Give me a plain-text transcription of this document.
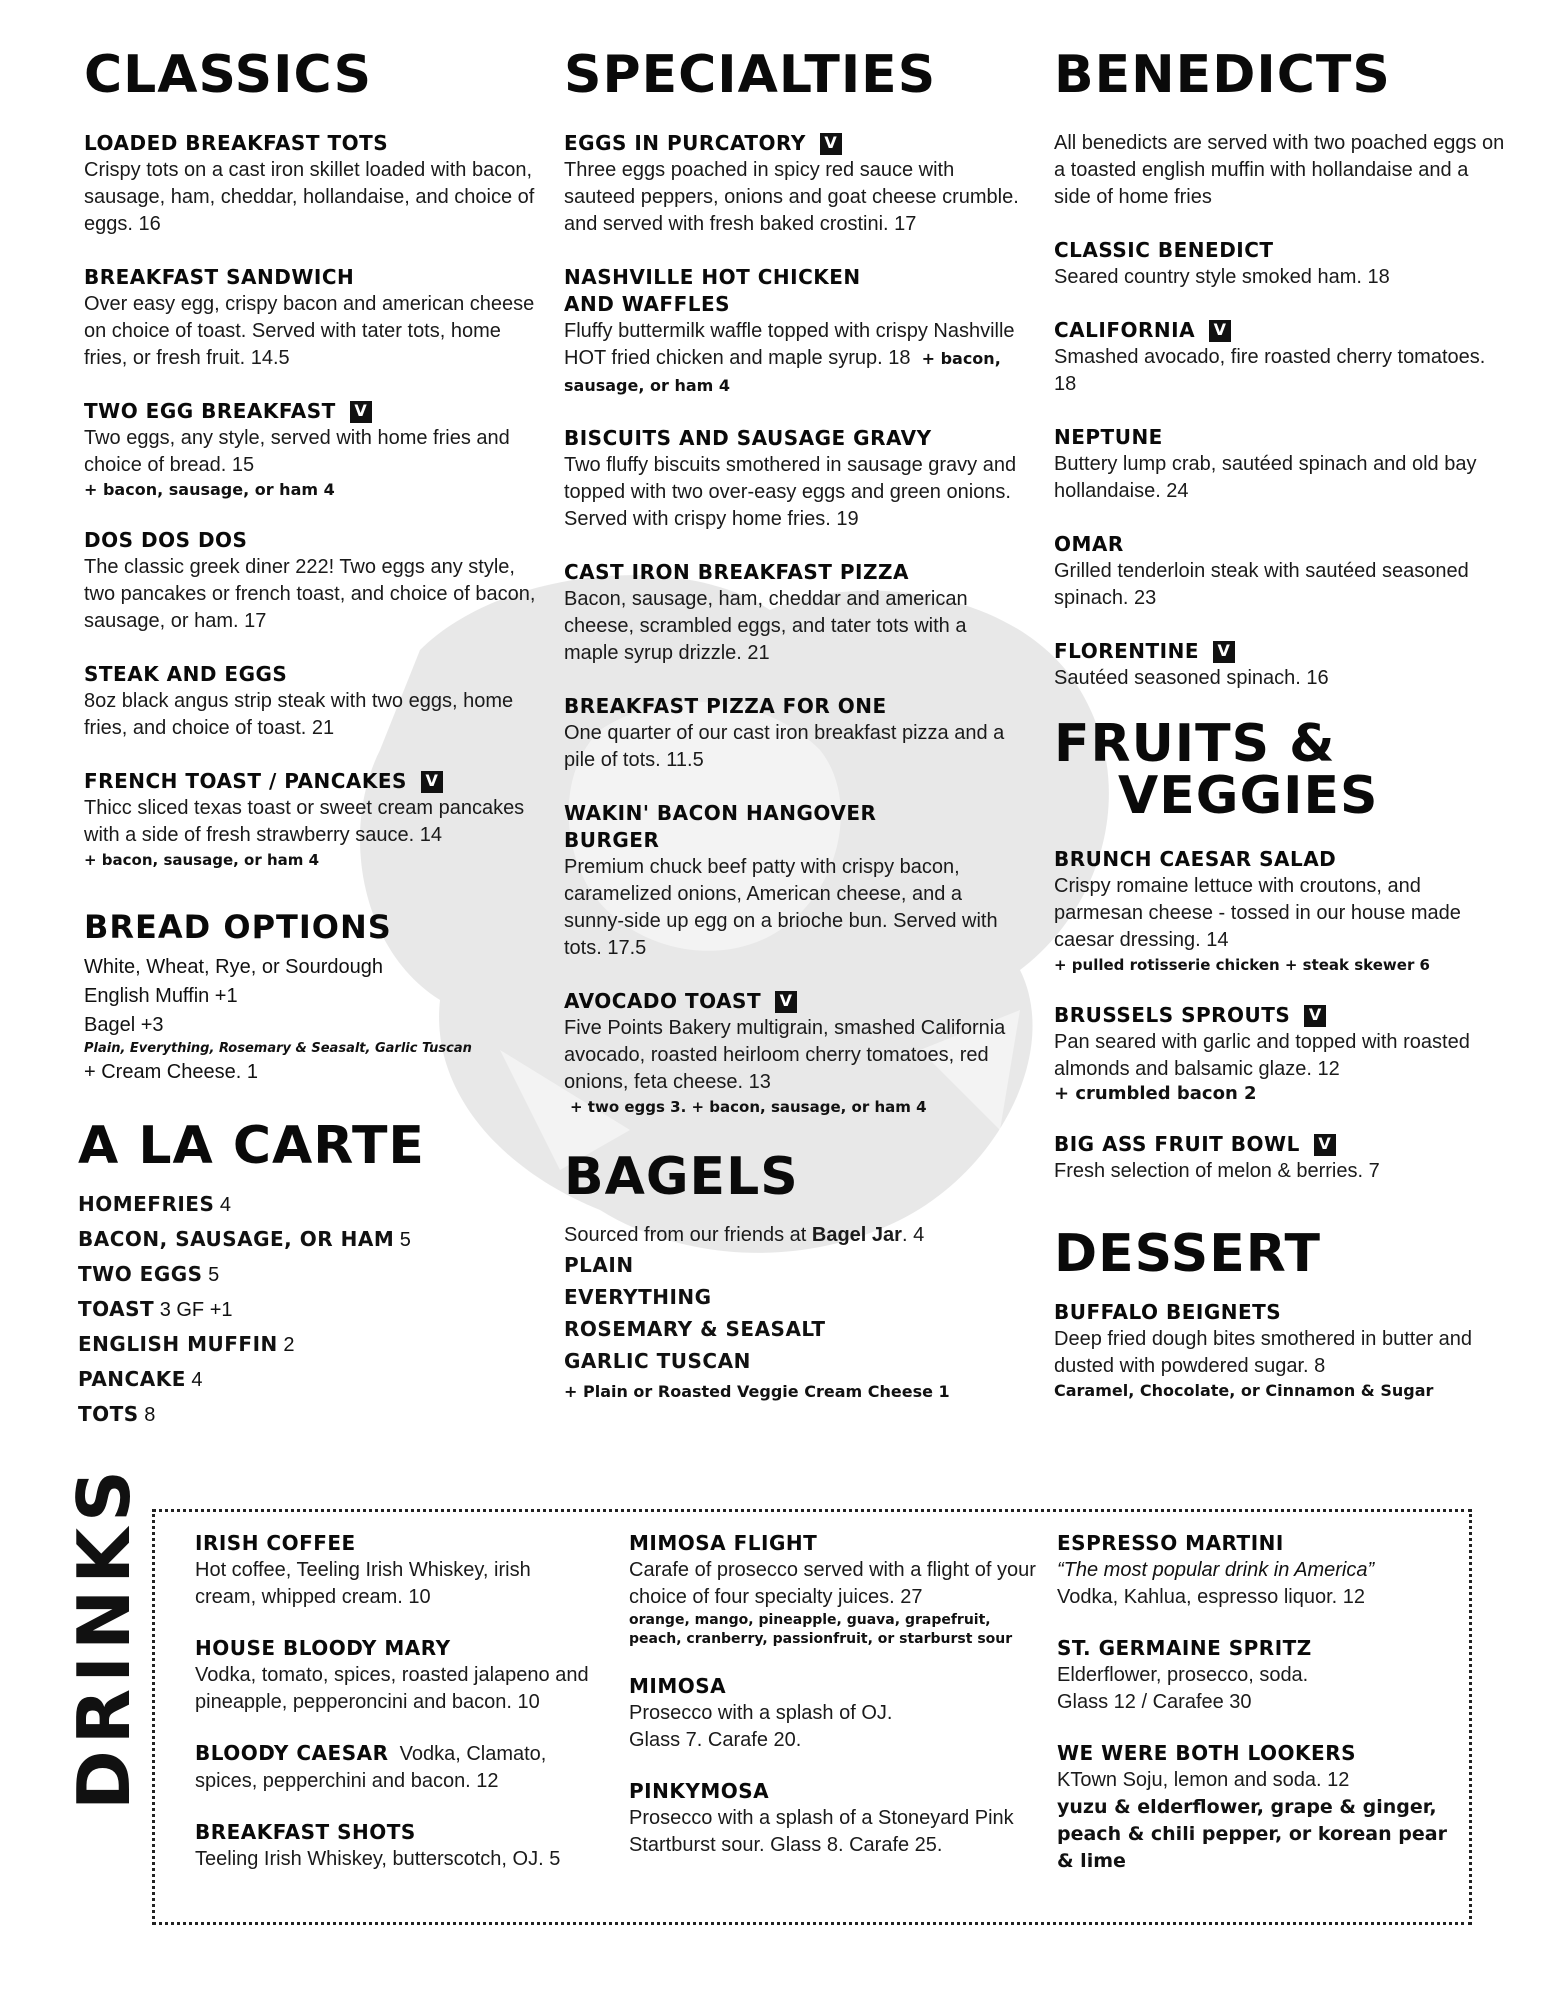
CLASSICS
LOADED BREAKFAST TOTS
Crispy tots on a cast iron skillet loaded with bacon, sausage, ham, cheddar, hollandaise, and choice of eggs. 16
BREAKFAST SANDWICH
Over easy egg, crispy bacon and american cheese on choice of toast. Served with tater tots, home fries, or fresh fruit. 14.5
TWO EGG BREAKFAST V
Two eggs, any style, served with home fries and choice of bread. 15
+ bacon, sausage, or ham 4
DOS DOS DOS
The classic greek diner 222! Two eggs any style, two pancakes or french toast, and choice of bacon, sausage, or ham. 17
STEAK AND EGGS
8oz black angus strip steak with two eggs, home fries, and choice of toast. 21
FRENCH TOAST / PANCAKES V
Thicc sliced texas toast or sweet cream pancakes with a side of fresh strawberry sauce. 14
+ bacon, sausage, or ham 4
BREAD OPTIONS
White, Wheat, Rye, or Sourdough
English Muffin +1
Bagel +3
Plain, Everything, Rosemary & Seasalt, Garlic Tuscan
+ Cream Cheese. 1
A LA CARTE
HOMEFRIES 4
BACON, SAUSAGE, OR HAM 5
TWO EGGS 5
TOAST 3 GF +1
ENGLISH MUFFIN 2
PANCAKE 4
TOTS 8
SPECIALTIES
EGGS IN PURCATORY V
Three eggs poached in spicy red sauce with sauteed peppers, onions and goat cheese crumble. and served with fresh baked crostini. 17
NASHVILLE HOT CHICKEN AND WAFFLES
Fluffy buttermilk waffle topped with crispy Nashville HOT fried chicken and maple syrup. 18 + bacon, sausage, or ham 4
BISCUITS AND SAUSAGE GRAVY
Two fluffy biscuits smothered in sausage gravy and topped with two over-easy eggs and green onions. Served with crispy home fries. 19
CAST IRON BREAKFAST PIZZA
Bacon, sausage, ham, cheddar and american cheese, scrambled eggs, and tater tots with a maple syrup drizzle. 21
BREAKFAST PIZZA FOR ONE
One quarter of our cast iron breakfast pizza and a pile of tots. 11.5
WAKIN' BACON HANGOVER BURGER
Premium chuck beef patty with crispy bacon, caramelized onions, American cheese, and a sunny-side up egg on a brioche bun. Served with tots. 17.5
AVOCADO TOAST V
Five Points Bakery multigrain, smashed California avocado, roasted heirloom cherry tomatoes, red onions, feta cheese. 13
+ two eggs 3. + bacon, sausage, or ham 4
BAGELS
Sourced from our friends at Bagel Jar. 4
PLAIN
EVERYTHING
ROSEMARY & SEASALT
GARLIC TUSCAN
+ Plain or Roasted Veggie Cream Cheese 1
BENEDICTS
All benedicts are served with two poached eggs on a toasted english muffin with hollandaise and a side of home fries
CLASSIC BENEDICT
Seared country style smoked ham. 18
CALIFORNIA V
Smashed avocado, fire roasted cherry tomatoes. 18
NEPTUNE
Buttery lump crab, sautéed spinach and old bay hollandaise. 24
OMAR
Grilled tenderloin steak with sautéed seasoned spinach. 23
FLORENTINE V
Sautéed seasoned spinach. 16
FRUITS &
VEGGIES
BRUNCH CAESAR SALAD
Crispy romaine lettuce with croutons, and parmesan cheese - tossed in our house made caesar dressing. 14
+ pulled rotisserie chicken + steak skewer 6
BRUSSELS SPROUTS V
Pan seared with garlic and topped with roasted almonds and balsamic glaze. 12
+ crumbled bacon 2
BIG ASS FRUIT BOWL V
Fresh selection of melon & berries. 7
DESSERT
BUFFALO BEIGNETS
Deep fried dough bites smothered in butter and dusted with powdered sugar. 8
Caramel, Chocolate, or Cinnamon & Sugar
DRINKS IRISH COFFEE
Hot coffee, Teeling Irish Whiskey, irish cream, whipped cream. 10
HOUSE BLOODY MARY
Vodka, tomato, spices, roasted jalapeno and pineapple, pepperoncini and bacon. 10
BLOODY CAESAR Vodka, Clamato, spices, pepperchini and bacon. 12
BREAKFAST SHOTS
Teeling Irish Whiskey, butterscotch, OJ. 5
MIMOSA FLIGHT
Carafe of prosecco served with a flight of your choice of four specialty juices. 27
orange, mango, pineapple, guava, grapefruit, peach, cranberry, passionfruit, or starburst sour
MIMOSA
Prosecco with a splash of OJ. Glass 7. Carafe 20.
PINKYMOSA
Prosecco with a splash of a Stoneyard Pink Startburst sour. Glass 8. Carafe 25.
ESPRESSO MARTINI
“The most popular drink in America”
Vodka, Kahlua, espresso liquor. 12
ST. GERMAINE SPRITZ
Elderflower, prosecco, soda.
Glass 12 / Carafee 30
WE WERE BOTH LOOKERS
KTown Soju, lemon and soda. 12
yuzu & elderflower, grape & ginger, peach & chili pepper, or korean pear & lime
